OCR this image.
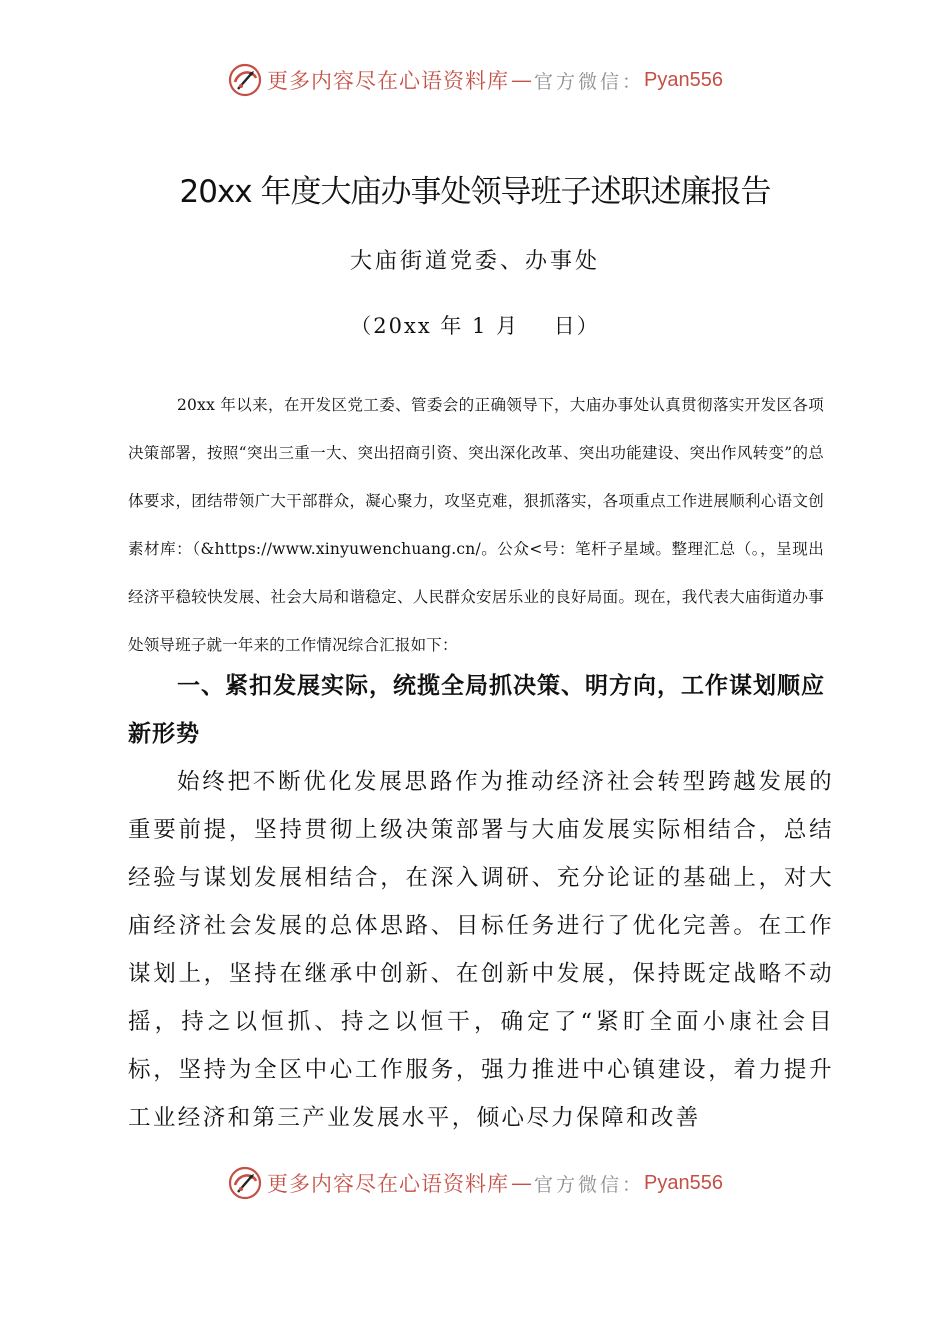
更多内容尽在心语资料库 — 官方微信： Pyan556
20xx 年度大庙办事处领导班子述职述廉报告
大庙街道党委、办事处
（20xx 年 1 月    日）

20xx 年以来，在开发区党工委、管委会的正确领导下，大庙办事处认真贯彻落实开发区各项决策部署，按照“突出三重一大、突出招商引资、突出深化改革、突出功能建设、突出作风转变”的总体要求，团结带领广大干部群众，凝心聚力，攻坚克难，狠抓落实，各项重点工作进展顺利心语文创素材库：（&https://www.xinyuwenchuang.cn/。公众<号：笔杆子星域。整理汇总（。，呈现出经济平稳较快发展、社会大局和谐稳定、人民群众安居乐业的良好局面。现在，我代表大庙街道办事处领导班子就一年来的工作情况综合汇报如下：

一、紧扣发展实际，统揽全局抓决策、明方向，工作谋划顺应新形势

始终把不断优化发展思路作为推动经济社会转型跨越发展的重要前提，坚持贯彻上级决策部署与大庙发展实际相结合，总结经验与谋划发展相结合，在深入调研、充分论证的基础上，对大庙经济社会发展的总体思路、目标任务进行了优化完善。在工作谋划上，坚持在继承中创新、在创新中发展，保持既定战略不动摇，持之以恒抓、持之以恒干，确定了“紧盯全面小康社会目标，坚持为全区中心工作服务，强力推进中心镇建设，着力提升工业经济和第三产业发展水平，倾心尽力保障和改善

更多内容尽在心语资料库 — 官方微信： Pyan556
